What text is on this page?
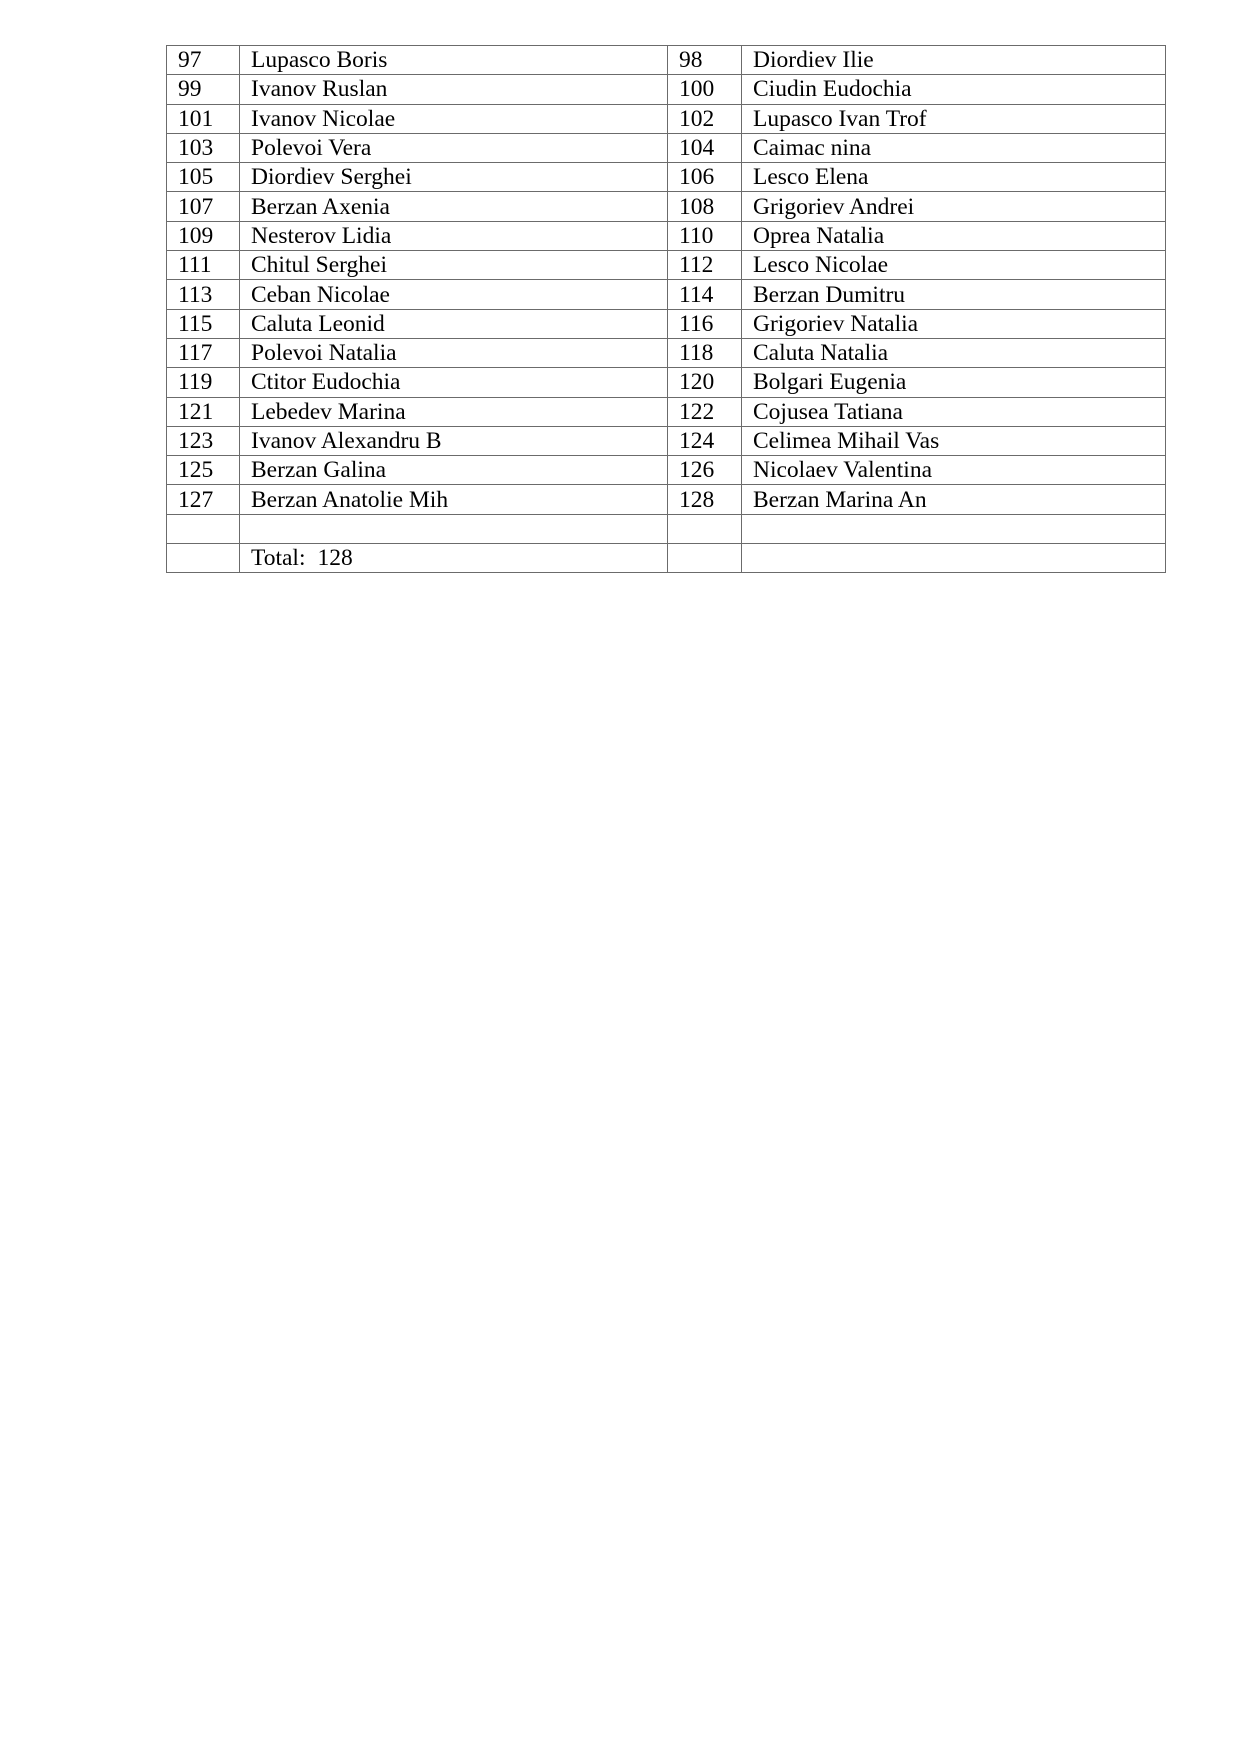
97	Lupasco Boris	98	Diordiev Ilie
99	Ivanov Ruslan	100	Ciudin Eudochia
101	Ivanov Nicolae	102	Lupasco Ivan Trof
103	Polevoi Vera	104	Caimac nina
105	Diordiev Serghei	106	Lesco Elena
107	Berzan Axenia	108	Grigoriev Andrei
109	Nesterov Lidia	110	Oprea Natalia
111	Chitul Serghei	112	Lesco Nicolae
113	Ceban Nicolae	114	Berzan Dumitru
115	Caluta Leonid	116	Grigoriev Natalia
117	Polevoi Natalia	118	Caluta Natalia
119	Ctitor Eudochia	120	Bolgari Eugenia
121	Lebedev Marina	122	Cojusea Tatiana
123	Ivanov Alexandru B	124	Celimea Mihail Vas
125	Berzan Galina	126	Nicolaev Valentina
127	Berzan Anatolie Mih	128	Berzan Marina An

	Total: 128		
